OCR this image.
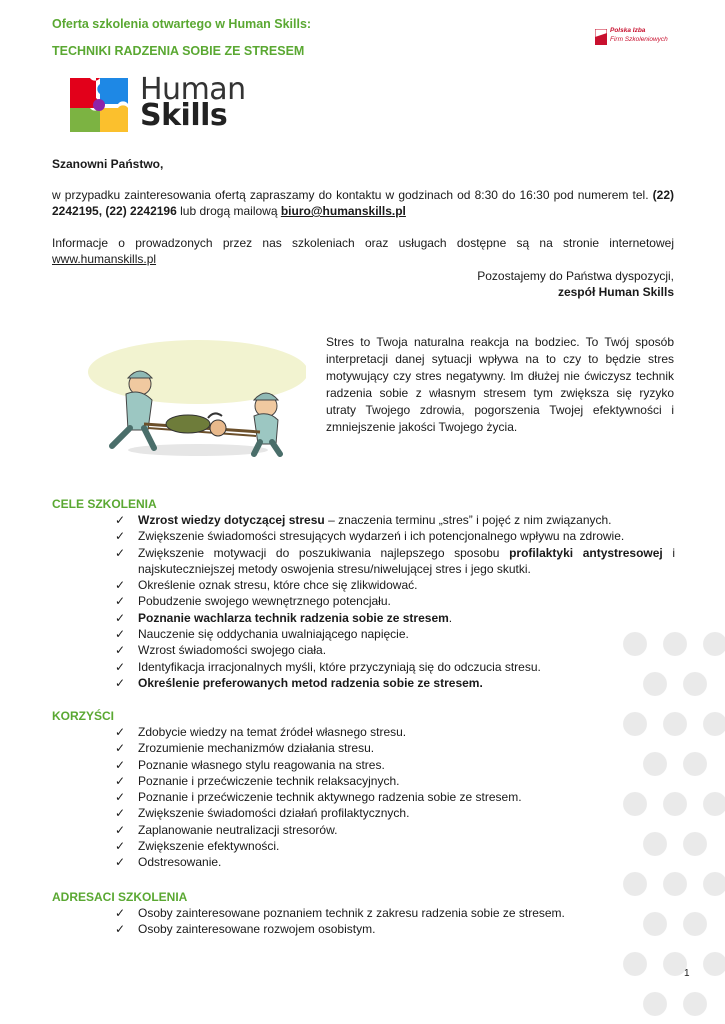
Oferta szkolenia otwartego w Human Skills:
TECHNIKI RADZENIA SOBIE ZE STRESEM
Polska Izba
Firm Szkoleniowych
Human
Skills
Szanowni Państwo,
w przypadku zainteresowania ofertą zapraszamy do kontaktu w godzinach od 8:30 do 16:30 pod numerem tel. (22) 2242195, (22) 2242196 lub drogą mailową biuro@humanskills.pl
Informacje o prowadzonych przez nas szkoleniach oraz usługach dostępne są na stronie internetowej www.humanskills.pl
Pozostajemy do Państwa dyspozycji,
zespół Human Skills
Stres to Twoja naturalna reakcja na bodziec. To Twój sposób interpretacji danej sytuacji wpływa na to czy to będzie stres motywujący czy stres negatywny. Im dłużej nie ćwiczysz technik radzenia sobie z własnym stresem tym zwiększa się ryzyko utraty Twojego zdrowia, pogorszenia Twojej efektywności i zmniejszenie jakości Twojego życia.
CELE SZKOLENIA
✓ Wzrost wiedzy dotyczącej stresu – znaczenia terminu „stres” i pojęć z nim związanych.
✓ Zwiększenie świadomości stresujących wydarzeń i ich potencjonalnego wpływu na zdrowie.
✓ Zwiększenie motywacji do poszukiwania najlepszego sposobu profilaktyki antystresowej i najskuteczniejszej metody oswojenia stresu/niwelującej stres i jego skutki.
✓ Określenie oznak stresu, które chce się zlikwidować.
✓ Pobudzenie swojego wewnętrznego potencjału.
✓ Poznanie wachlarza technik radzenia sobie ze stresem.
✓ Nauczenie się oddychania uwalniającego napięcie.
✓ Wzrost świadomości swojego ciała.
✓ Identyfikacja irracjonalnych myśli, które przyczyniają się do odczucia stresu.
✓ Określenie preferowanych metod radzenia sobie ze stresem.
KORZYŚCI
✓ Zdobycie wiedzy na temat źródeł własnego stresu.
✓ Zrozumienie mechanizmów działania stresu.
✓ Poznanie własnego stylu reagowania na stres.
✓ Poznanie i przećwiczenie technik relaksacyjnych.
✓ Poznanie i przećwiczenie technik aktywnego radzenia sobie ze stresem.
✓ Zwiększenie świadomości działań profilaktycznych.
✓ Zaplanowanie neutralizacji stresorów.
✓ Zwiększenie efektywności.
✓ Odstresowanie.
ADRESACI SZKOLENIA
✓ Osoby zainteresowane poznaniem technik z zakresu radzenia sobie ze stresem.
✓ Osoby zainteresowane rozwojem osobistym.
1
